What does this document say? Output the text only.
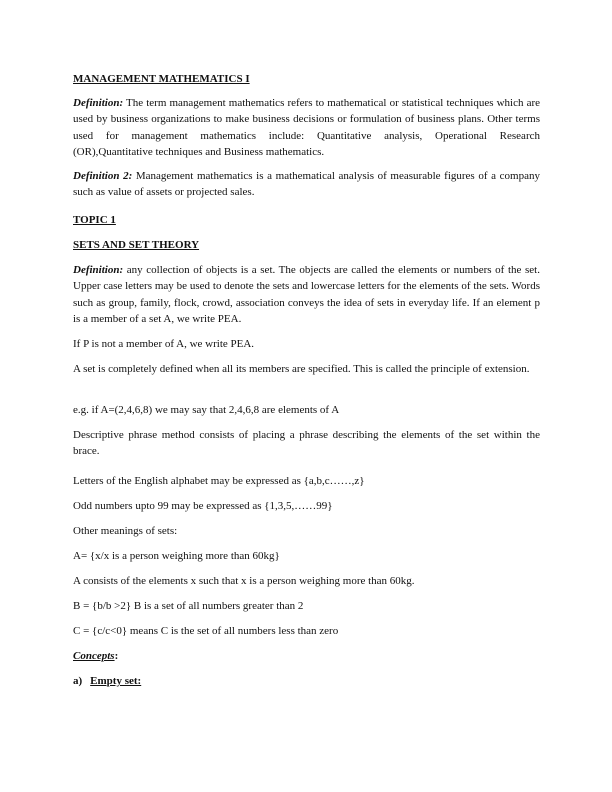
MANAGEMENT MATHEMATICS I

Definition: The term management mathematics refers to mathematical or statistical techniques which are used by business organizations to make business decisions or formulation of business plans. Other terms used for management mathematics include: Quantitative analysis, Operational Research (OR),Quantitative techniques and Business mathematics.

Definition 2: Management mathematics is a mathematical analysis of measurable figures of a company such as value of assets or projected sales.

TOPIC 1

SETS AND SET THEORY

Definition: any collection of objects is a set. The objects are called the elements or numbers of the set. Upper case letters may be used to denote the sets and lowercase letters for the elements of the sets. Words such as group, family, flock, crowd, association conveys the idea of sets in everyday life. If an element p is a member of a set A, we write PEA.

If P is not a member of A, we write PEA.

A set is completely defined when all its members are specified. This is called the principle of extension.

e.g. if A=(2,4,6,8) we may say that 2,4,6,8 are elements of A

Descriptive phrase method consists of placing a phrase describing the elements of the set within the brace.

Letters of the English alphabet may be expressed as {a,b,c……,z}

Odd numbers upto 99 may be expressed as {1,3,5,……99}

Other meanings of sets:

A= {x/x is a person weighing more than 60kg}

A consists of the elements x such that x is a person weighing more than 60kg.

B = {b/b >2} B is a set of all numbers greater than 2

C = {c/c<0} means C is the set of all numbers less than zero

Concepts:

a) Empty set:
